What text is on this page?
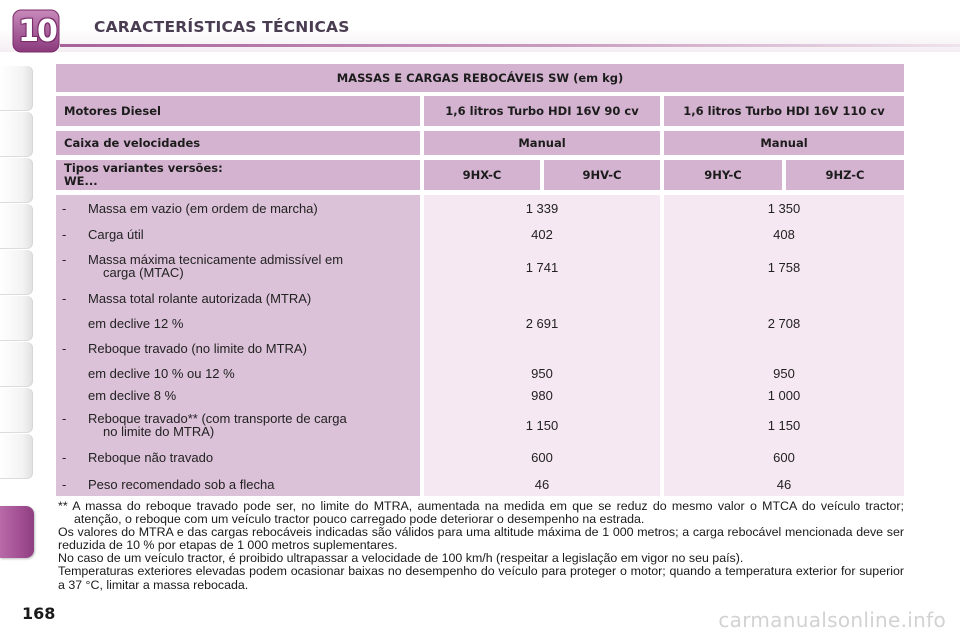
10	CARACTERÍSTICAS TÉCNICAS
MASSAS E CARGAS REBOCÁVEIS SW (em kg)
Motores Diesel	1,6 litros Turbo HDI 16V 90 cv	1,6 litros Turbo HDI 16V 110 cv
Caixa de velocidades	Manual	Manual
Tipos variantes versões:
WE...	9HX-C	9HV-C	9HY-C	9HZ-C
- Massa em vazio (em ordem de marcha)	1 339	1 350
- Carga útil	402	408
- Massa máxima tecnicamente admissível em
carga (MTAC)	1 741	1 758
- Massa total rolante autorizada (MTRA)
em declive 12 %	2 691	2 708
- Reboque travado (no limite do MTRA)
em declive 10 % ou 12 %	950	950
em declive 8 %	980	1 000
- Reboque travado** (com transporte de carga
no limite do MTRA)	1 150	1 150
- Reboque não travado	600	600
- Peso recomendado sob a flecha	46	46

** A massa do reboque travado pode ser, no limite do MTRA, aumentada na medida em que se reduz do mesmo valor o MTCA do veículo tractor; atenção, o reboque com um veículo tractor pouco carregado pode deteriorar o desempenho na estrada.

Os valores do MTRA e das cargas rebocáveis indicadas são válidos para uma altitude máxima de 1 000 metros; a carga rebocável mencionada deve ser reduzida de 10 % por etapas de 1 000 metros suplementares.

No caso de um veículo tractor, é proibido ultrapassar a velocidade de 100 km/h (respeitar a legislação em vigor no seu país).

Temperaturas exteriores elevadas podem ocasionar baixas no desempenho do veículo para proteger o motor; quando a temperatura exterior for superior a 37 °C, limitar a massa rebocada.

168	carmanualsonline.info
